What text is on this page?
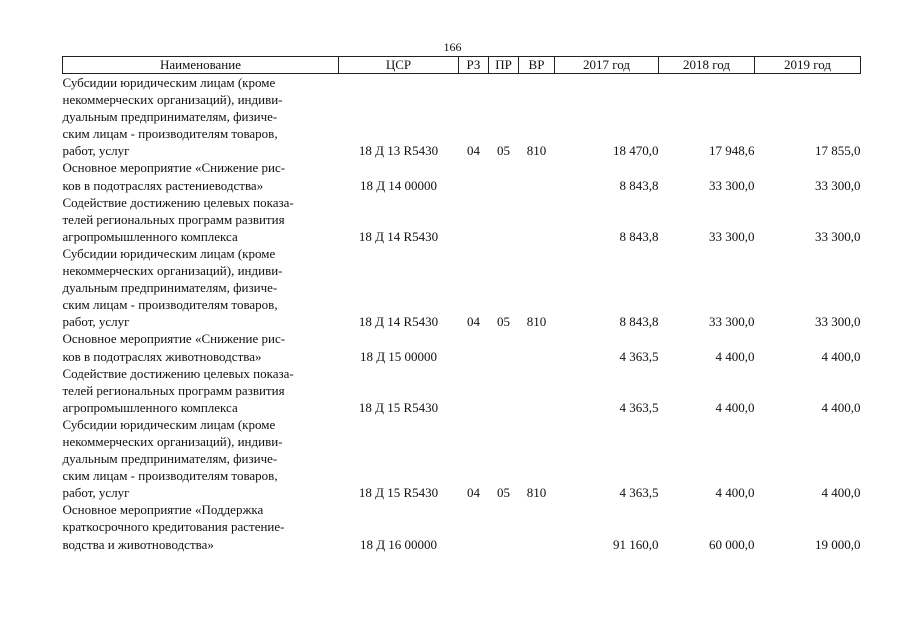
166
Наименование	ЦСР	РЗ	ПР	ВР	2017 год	2018 год	2019 год

Субсидии юридическим лицам (кроме
некоммерческих организаций), индиви-
дуальным предпринимателям, физиче-
ским лицам - производителям товаров,
работ, услуг	18 Д 13 R5430	04	05	810	18 470,0	17 948,6	17 855,0

Основное мероприятие «Снижение рис-
ков в подотраслях растениеводства»	18 Д 14 00000				8 843,8	33 300,0	33 300,0

Содействие достижению целевых показа-
телей региональных программ развития
агропромышленного комплекса	18 Д 14 R5430				8 843,8	33 300,0	33 300,0

Субсидии юридическим лицам (кроме
некоммерческих организаций), индиви-
дуальным предпринимателям, физиче-
ским лицам - производителям товаров,
работ, услуг	18 Д 14 R5430	04	05	810	8 843,8	33 300,0	33 300,0

Основное мероприятие «Снижение рис-
ков в подотраслях животноводства»	18 Д 15 00000				4 363,5	4 400,0	4 400,0

Содействие достижению целевых показа-
телей региональных программ развития
агропромышленного комплекса	18 Д 15 R5430				4 363,5	4 400,0	4 400,0

Субсидии юридическим лицам (кроме
некоммерческих организаций), индиви-
дуальным предпринимателям, физиче-
ским лицам - производителям товаров,
работ, услуг	18 Д 15 R5430	04	05	810	4 363,5	4 400,0	4 400,0

Основное мероприятие «Поддержка
краткосрочного кредитования растение-
водства и животноводства»	18 Д 16 00000				91 160,0	60 000,0	19 000,0
